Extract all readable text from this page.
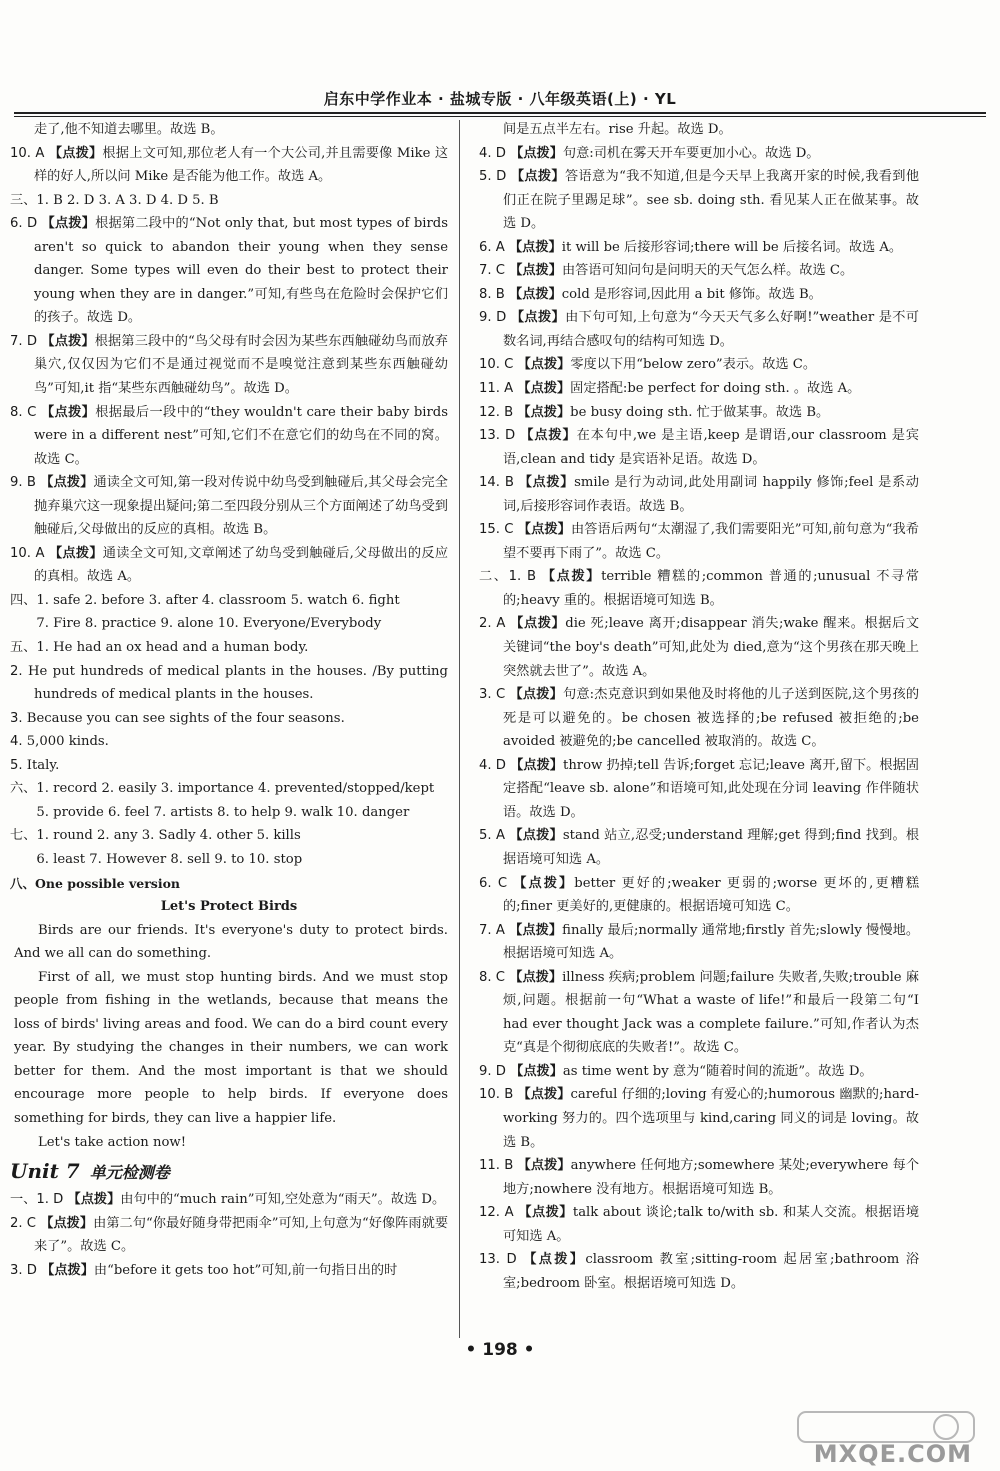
启东中学作业本 · 盐城专版 · 八年级英语(上) · YL

走了,他不知道去哪里。故选 B。

10. A 【点拨】根据上文可知,那位老人有一个大公司,并且需要像 Mike 这样的好人,所以问 Mike 是否能为他工作。故选 A。

三、1. B 2. D 3. A 3. D 4. D 5. B

6. D 【点拨】根据第二段中的“Not only that, but most types of birds aren't so quick to abandon their young when they sense danger. Some types will even do their best to protect their young when they are in danger.”可知,有些鸟在危险时会保护它们的孩子。故选 D。

7. D 【点拨】根据第三段中的“鸟父母有时会因为某些东西触碰幼鸟而放弃巢穴,仅仅因为它们不是通过视觉而不是嗅觉注意到某些东西触碰幼鸟”可知,it 指“某些东西触碰幼鸟”。故选 D。

8. C 【点拨】根据最后一段中的“they wouldn't care their baby birds were in a different nest”可知,它们不在意它们的幼鸟在不同的窝。故选 C。

9. B 【点拨】通读全文可知,第一段对传说中幼鸟受到触碰后,其父母会完全抛弃巢穴这一现象提出疑问;第二至四段分别从三个方面阐述了幼鸟受到触碰后,父母做出的反应的真相。故选 B。

10. A 【点拨】通读全文可知,文章阐述了幼鸟受到触碰后,父母做出的反应的真相。故选 A。

四、1. safe 2. before 3. after 4. classroom 5. watch 6. fight

　　7. Fire 8. practice 9. alone 10. Everyone/Everybody

五、1. He had an ox head and a human body.

2. He put hundreds of medical plants in the houses. /By putting hundreds of medical plants in the houses.

3. Because you can see sights of the four seasons.

4. 5,000 kinds.

5. Italy.

六、1. record 2. easily 3. importance 4. prevented/stopped/kept

　　5. provide 6. feel 7. artists 8. to help 9. walk 10. danger

七、1. round 2. any 3. Sadly 4. other 5. kills

　　6. least 7. However 8. sell 9. to 10. stop

八、One possible version

Let's Protect Birds

Birds are our friends. It's everyone's duty to protect birds. And we all can do something.

First of all, we must stop hunting birds. And we must stop people from fishing in the wetlands, because that means the loss of birds' living areas and food. We can do a bird count every year. By studying the changes in their numbers, we can work better for them. And the most important is that we should encourage more people to help birds. If everyone does something for birds, they can live a happier life.

Let's take action now!

Unit 7 单元检测卷

一、1. D 【点拨】由句中的“much rain”可知,空处意为“雨天”。故选 D。

2. C 【点拨】由第二句“你最好随身带把雨伞”可知,上句意为“好像阵雨就要来了”。故选 C。

3. D 【点拨】由“before it gets too hot”可知,前一句指日出的时

间是五点半左右。rise 升起。故选 D。

4. D 【点拨】句意:司机在雾天开车要更加小心。故选 D。

5. D 【点拨】答语意为“我不知道,但是今天早上我离开家的时候,我看到他们正在院子里踢足球”。see sb. doing sth. 看见某人正在做某事。故选 D。

6. A 【点拨】it will be 后接形容词;there will be 后接名词。故选 A。

7. C 【点拨】由答语可知问句是问明天的天气怎么样。故选 C。

8. B 【点拨】cold 是形容词,因此用 a bit 修饰。故选 B。

9. D 【点拨】由下句可知,上句意为“今天天气多么好啊!”weather 是不可数名词,再结合感叹句的结构可知选 D。

10. C 【点拨】零度以下用“below zero”表示。故选 C。

11. A 【点拨】固定搭配:be perfect for doing sth. 。故选 A。

12. B 【点拨】be busy doing sth. 忙于做某事。故选 B。

13. D 【点拨】在本句中,we 是主语,keep 是谓语,our classroom 是宾语,clean and tidy 是宾语补足语。故选 D。

14. B 【点拨】smile 是行为动词,此处用副词 happily 修饰;feel 是系动词,后接形容词作表语。故选 B。

15. C 【点拨】由答语后两句“太潮湿了,我们需要阳光”可知,前句意为“我希望不要再下雨了”。故选 C。

二、1. B 【点拨】terrible 糟糕的;common 普通的;unusual 不寻常的;heavy 重的。根据语境可知选 B。

2. A 【点拨】die 死;leave 离开;disappear 消失;wake 醒来。根据后文关键词“the boy's death”可知,此处为 died,意为“这个男孩在那天晚上突然就去世了”。故选 A。

3. C 【点拨】句意:杰克意识到如果他及时将他的儿子送到医院,这个男孩的死是可以避免的。be chosen 被选择的;be refused 被拒绝的;be avoided 被避免的;be cancelled 被取消的。故选 C。

4. D 【点拨】throw 扔掉;tell 告诉;forget 忘记;leave 离开,留下。根据固定搭配“leave sb. alone”和语境可知,此处现在分词 leaving 作伴随状语。故选 D。

5. A 【点拨】stand 站立,忍受;understand 理解;get 得到;find 找到。根据语境可知选 A。

6. C 【点拨】better 更好的;weaker 更弱的;worse 更坏的,更糟糕的;finer 更美好的,更健康的。根据语境可知选 C。

7. A 【点拨】finally 最后;normally 通常地;firstly 首先;slowly 慢慢地。根据语境可知选 A。

8. C 【点拨】illness 疾病;problem 问题;failure 失败者,失败;trouble 麻烦,问题。根据前一句“What a waste of life!”和最后一段第二句“I had ever thought Jack was a complete failure.”可知,作者认为杰克“真是个彻彻底底的失败者!”。故选 C。

9. D 【点拨】as time went by 意为“随着时间的流逝”。故选 D。

10. B 【点拨】careful 仔细的;loving 有爱心的;humorous 幽默的;hard-working 努力的。四个选项里与 kind,caring 同义的词是 loving。故选 B。

11. B 【点拨】anywhere 任何地方;somewhere 某处;everywhere 每个地方;nowhere 没有地方。根据语境可知选 B。

12. A 【点拨】talk about 谈论;talk to/with sb. 和某人交流。根据语境可知选 A。

13. D 【点拨】classroom 教室;sitting-room 起居室;bathroom 浴室;bedroom 卧室。根据语境可知选 D。

• 198 •
MXQE.COM
